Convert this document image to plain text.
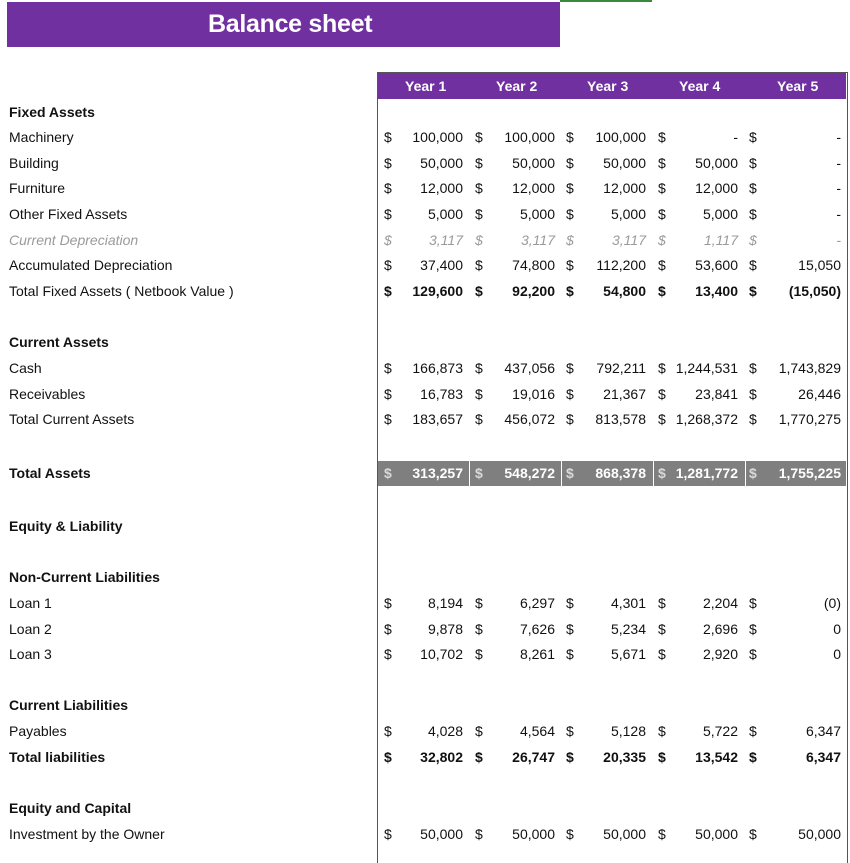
Balance sheet
Year 1	Year 2	Year 3	Year 4	Year 5
Fixed Assets
Machinery	$	100,000 $	100,000 $	100,000 $	- $	-
Building	$	50,000 $	50,000 $	50,000 $	50,000 $	-
Furniture	$	12,000 $	12,000 $	12,000 $	12,000 $	-
Other Fixed Assets	$	5,000 $	5,000 $	5,000 $	5,000 $	-
Current Depreciation	$	3,117 $	3,117 $	3,117 $	1,117 $	-
Accumulated Depreciation	$	37,400 $	74,800 $	112,200 $	53,600 $	15,050
Total Fixed Assets ( Netbook Value )	$	129,600 $	92,200 $	54,800 $	13,400 $	(15,050)
Current Assets
Cash	$	166,873 $	437,056 $	792,211 $ 1,244,531 $	1,743,829
Receivables	$	16,783 $	19,016 $	21,367 $	23,841 $	26,446
Total Current Assets	$	183,657 $	456,072 $	813,578 $ 1,268,372 $	1,770,275
Total Assets	$	313,257 $	548,272 $	868,378 $ 1,281,772 $	1,755,225
Equity & Liability
Non-Current Liabilities
Loan 1	$	8,194 $	6,297 $	4,301 $	2,204 $	(0)
Loan 2	$	9,878 $	7,626 $	5,234 $	2,696 $	0
Loan 3	$	10,702 $	8,261 $	5,671 $	2,920 $	0
Current Liabilities
Payables	$	4,028 $	4,564 $	5,128 $	5,722 $	6,347
Total liabilities	$	32,802 $	26,747 $	20,335 $	13,542 $	6,347
Equity and Capital
Investment by the Owner	$	50,000 $	50,000 $	50,000 $	50,000 $	50,000
